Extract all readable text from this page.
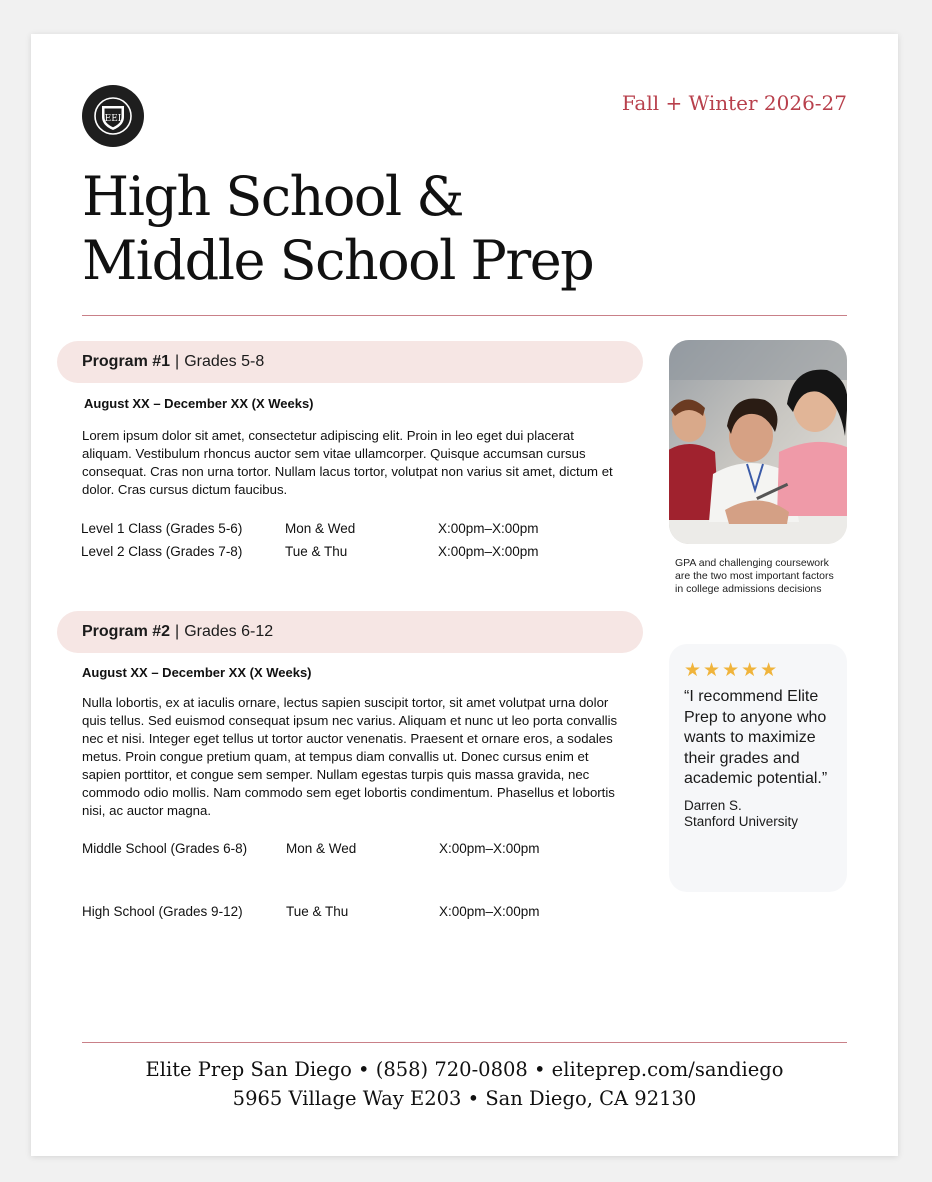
EEI
Fall + Winter 2026-27
High School &
Middle School Prep
Program #1 | Grades 5-8
August XX – December XX (X Weeks)
Lorem ipsum dolor sit amet, consectetur adipiscing elit. Proin in leo eget dui placerat aliquam. Vestibulum rhoncus auctor sem vitae ullamcorper. Quisque accumsan cursus consequat. Cras non urna tortor. Nullam lacus tortor, volutpat non varius sit amet, dictum et dolor. Cras cursus dictum faucibus.
Level 1 Class (Grades 5-6)	Mon & Wed	X:00pm–X:00pm
Level 2 Class (Grades 7-8)	Tue & Thu	X:00pm–X:00pm
Program #2 | Grades 6-12
August XX – December XX (X Weeks)
Nulla lobortis, ex at iaculis ornare, lectus sapien suscipit tortor, sit amet volutpat urna dolor quis tellus. Sed euismod consequat ipsum nec varius. Aliquam et nunc ut leo porta convallis nec et nisi. Integer eget tellus ut tortor auctor venenatis. Praesent et ornare eros, a sodales metus. Proin congue pretium quam, at tempus diam convallis ut. Donec cursus enim et sapien porttitor, et congue sem semper. Nullam egestas turpis quis massa gravida, nec commodo odio mollis. Nam commodo sem eget lobortis condimentum. Phasellus et lobortis nisi, ac auctor magna.
Middle School (Grades 6-8)	Mon & Wed	X:00pm–X:00pm
High School (Grades 9-12)	Tue & Thu	X:00pm–X:00pm
GPA and challenging coursework are the two most important factors in college admissions decisions
★★★★★
“I recommend Elite Prep to anyone who wants to maximize their grades and academic potential.”
Darren S.
Stanford University
Elite Prep San Diego • (858) 720-0808 • eliteprep.com/sandiego
5965 Village Way E203 • San Diego, CA 92130
